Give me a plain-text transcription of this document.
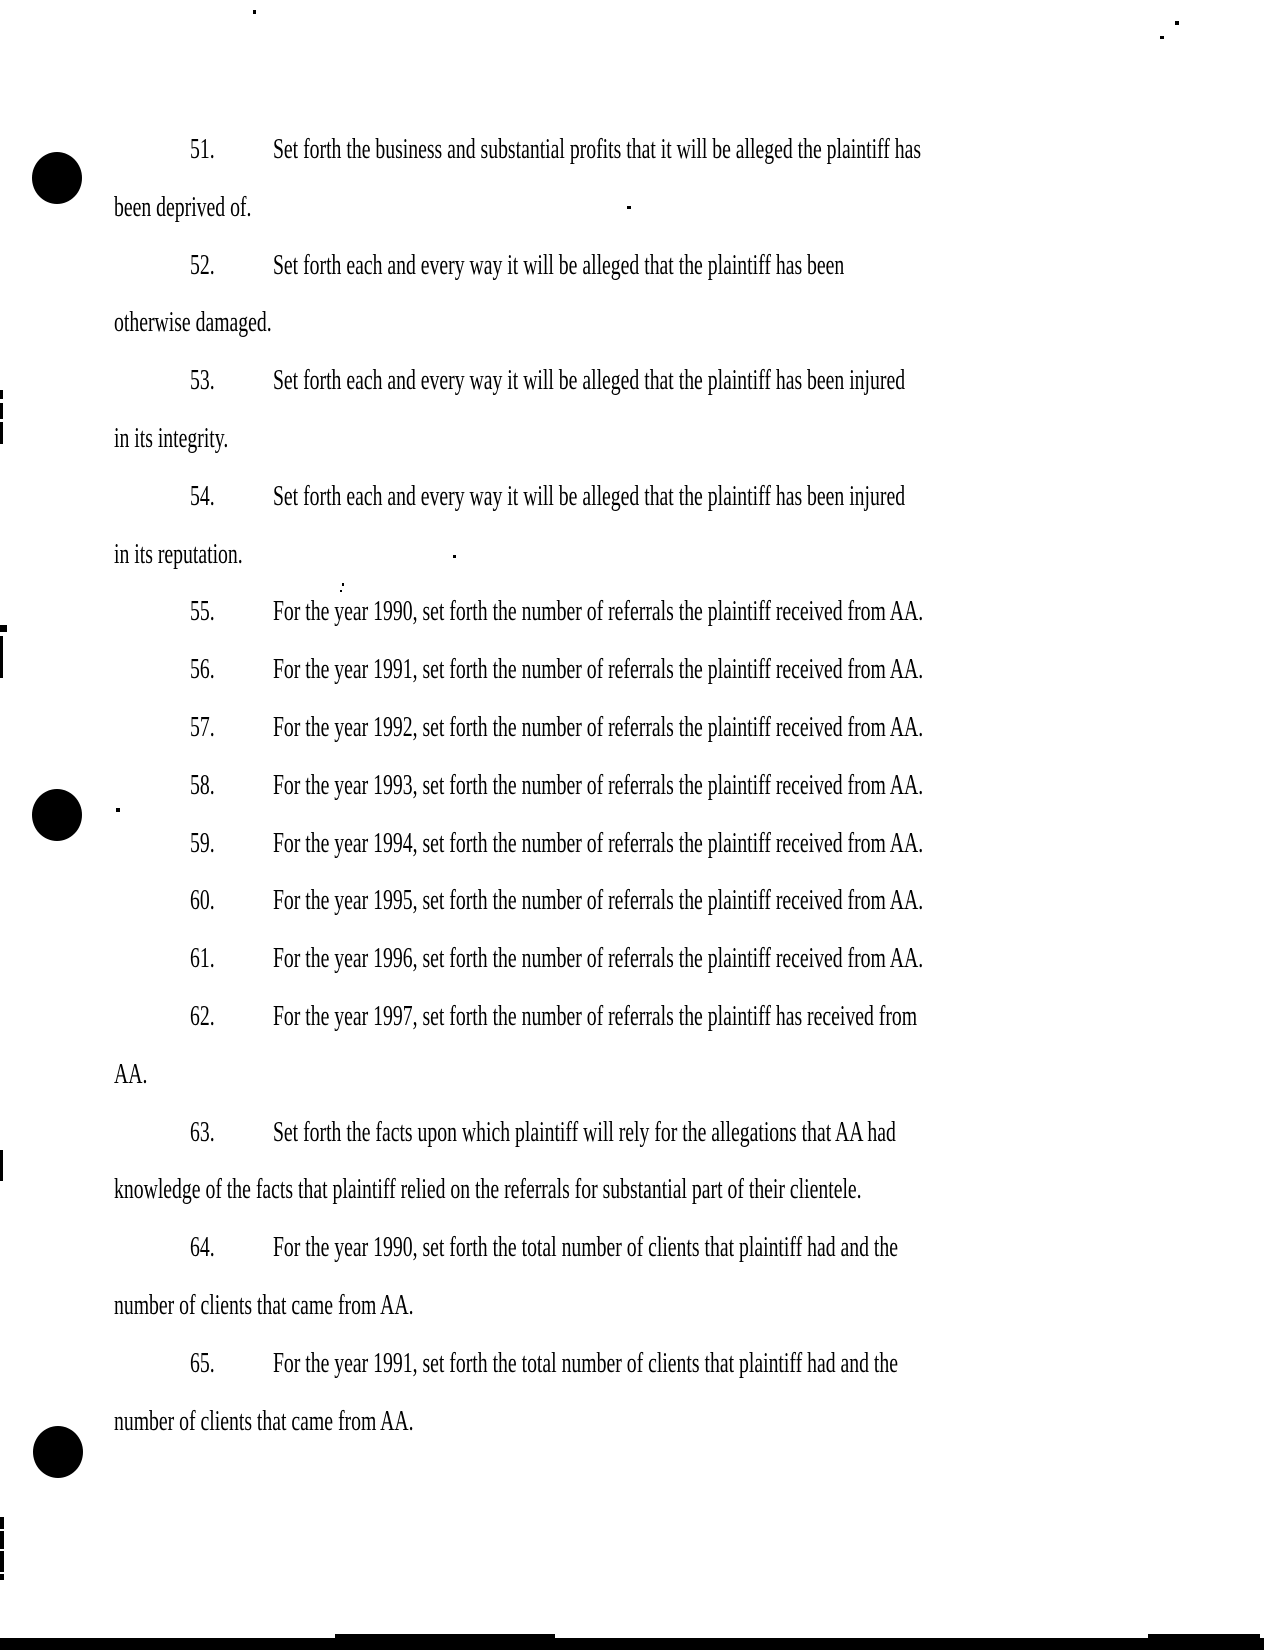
51. Set forth the business and substantial profits that it will be alleged the plaintiff has
been deprived of.
52. Set forth each and every way it will be alleged that the plaintiff has been
otherwise damaged.
53. Set forth each and every way it will be alleged that the plaintiff has been injured
in its integrity.
54. Set forth each and every way it will be alleged that the plaintiff has been injured
in its reputation.
55. For the year 1990, set forth the number of referrals the plaintiff received from AA.
56. For the year 1991, set forth the number of referrals the plaintiff received from AA.
57. For the year 1992, set forth the number of referrals the plaintiff received from AA.
58. For the year 1993, set forth the number of referrals the plaintiff received from AA.
59. For the year 1994, set forth the number of referrals the plaintiff received from AA.
60. For the year 1995, set forth the number of referrals the plaintiff received from AA.
61. For the year 1996, set forth the number of referrals the plaintiff received from AA.
62. For the year 1997, set forth the number of referrals the plaintiff has received from
AA.
63. Set forth the facts upon which plaintiff will rely for the allegations that AA had
knowledge of the facts that plaintiff relied on the referrals for substantial part of their clientele.
64. For the year 1990, set forth the total number of clients that plaintiff had and the
number of clients that came from AA.
65. For the year 1991, set forth the total number of clients that plaintiff had and the
number of clients that came from AA.
